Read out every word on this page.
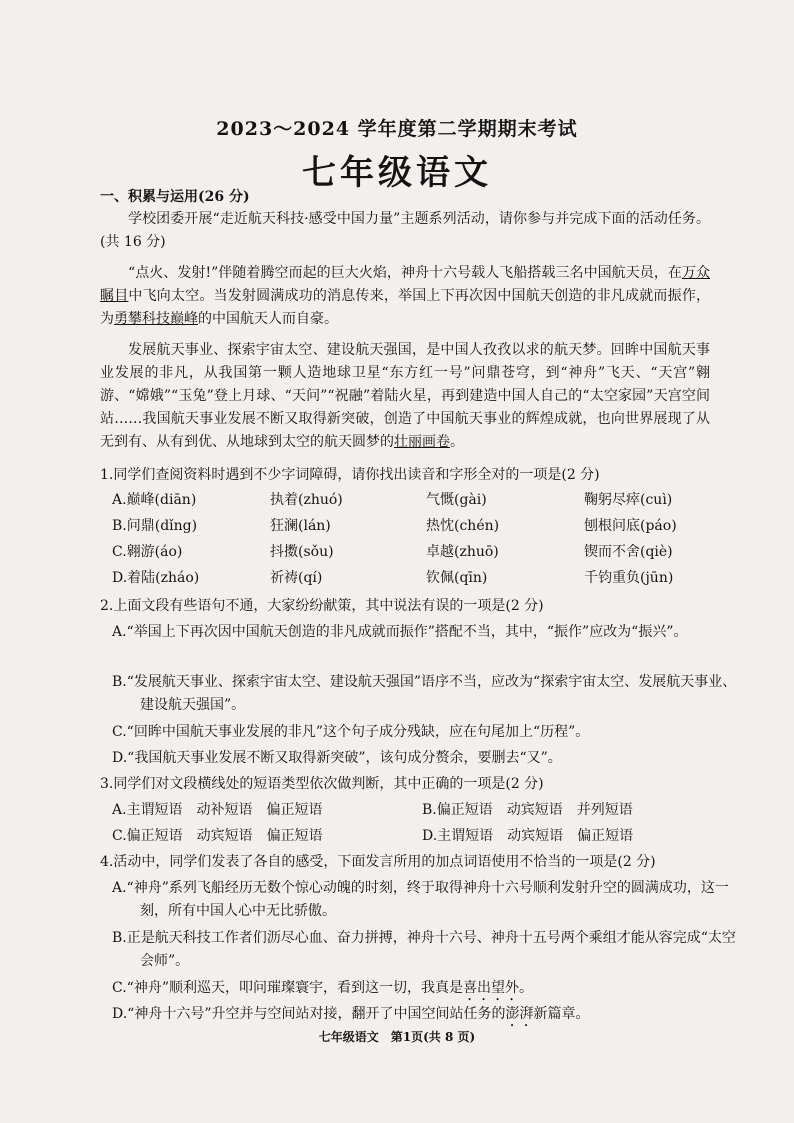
2023～2024 学年度第二学期期末考试
七年级语文
一、积累与运用(26 分)
学校团委开展“走近航天科技·感受中国力量”主题系列活动，请你参与并完成下面的活动任务。(共 16 分)
“点火、发射!”伴随着腾空而起的巨大火焰，神舟十六号载人飞船搭载三名中国航天员，在万众瞩目中飞向太空。当发射圆满成功的消息传来，举国上下再次因中国航天创造的非凡成就而振作，为勇攀科技巅峰的中国航天人而自豪。
发展航天事业、探索宇宙太空、建设航天强国，是中国人孜孜以求的航天梦。回眸中国航天事业发展的非凡，从我国第一颗人造地球卫星“东方红一号”问鼎苍穹，到“神舟”飞天、“天宫”翱游、“嫦娥”“玉兔”登上月球、“天问”“祝融”着陆火星，再到建造中国人自己的“太空家园”天宫空间站……我国航天事业发展不断又取得新突破，创造了中国航天事业的辉煌成就，也向世界展现了从无到有、从有到优、从地球到太空的航天圆梦的壮丽画卷。
1.同学们查阅资料时遇到不少字词障碍，请你找出读音和字形全对的一项是(2 分)
A.巅峰(diān)	执着(zhuó)	气慨(gài)	鞠躬尽瘁(cuì)
B.问鼎(dǐng)	狂澜(lán)	热忱(chén)	刨根问底(páo)
C.翱游(áo)	抖擞(sǒu)	卓越(zhuō)	锲而不舍(qiè)
D.着陆(zháo)	祈祷(qí)	钦佩(qīn)	千钧重负(jūn)
2.上面文段有些语句不通，大家纷纷献策，其中说法有误的一项是(2 分)
A.“举国上下再次因中国航天创造的非凡成就而振作”搭配不当，其中，“振作”应改为“振兴”。
B.“发展航天事业、探索宇宙太空、建设航天强国”语序不当，应改为“探索宇宙太空、发展航天事业、建设航天强国”。
C.“回眸中国航天事业发展的非凡”这个句子成分残缺，应在句尾加上“历程”。
D.“我国航天事业发展不断又取得新突破”，该句成分赘余，要删去“又”。
3.同学们对文段横线处的短语类型依次做判断，其中正确的一项是(2 分)
A.主谓短语　动补短语　偏正短语	B.偏正短语　动宾短语　并列短语
C.偏正短语　动宾短语　偏正短语	D.主谓短语　动宾短语　偏正短语
4.活动中，同学们发表了各自的感受，下面发言所用的加点词语使用不恰当的一项是(2 分)
A.“神舟”系列飞船经历无数个惊心动魄的时刻，终于取得神舟十六号顺利发射升空的圆满成功，这一刻，所有中国人心中无比骄傲。
B.正是航天科技工作者们沥尽心血、奋力拼搏，神舟十六号、神舟十五号两个乘组才能从容完成“太空会师”。
C.“神舟”顺利巡天，叩问璀璨寰宇，看到这一切，我真是喜出望外。
D.“神舟十六号”升空并与空间站对接，翻开了中国空间站任务的澎湃新篇章。
七年级语文　第1页(共 8 页)
